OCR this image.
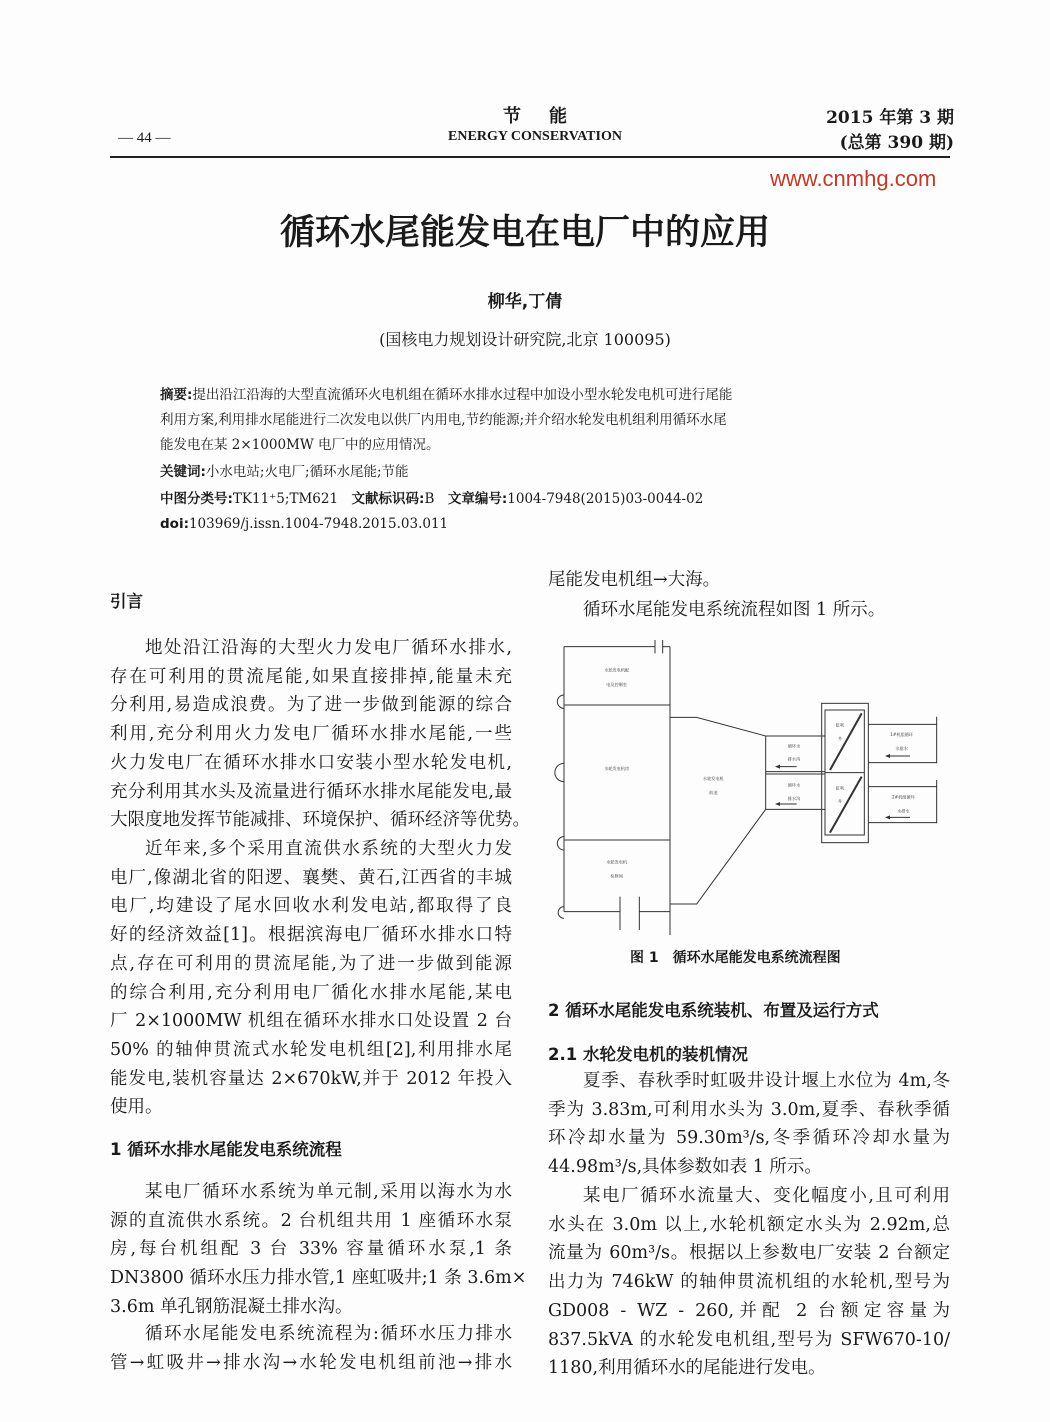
节能
ENERGY CONSERVATION
— 44 —
2015 年第 3 期
(总第 390 期)
循环水尾能发电在电厂中的应用
柳华,丁倩
(国核电力规划设计研究院,北京 100095)
摘要:提出沿江沿海的大型直流循环火电机组在循环水排水过程中加设小型水轮发电机可进行尾能
利用方案,利用排水尾能进行二次发电以供厂内用电,节约能源;并介绍水轮发电机组利用循环水尾
能发电在某 2×1000MW 电厂中的应用情况。
关键词:小水电站;火电厂;循环水尾能;节能
中图分类号:TK11⁺5;TM621  文献标识码:B  文章编号:1004-7948(2015)03-0044-02
doi:103969/j.issn.1004-7948.2015.03.011
引言
地处沿江沿海的大型火力发电厂循环水排水,
存在可利用的贯流尾能,如果直接排掉,能量未充
分利用,易造成浪费。为了进一步做到能源的综合
利用,充分利用火力发电厂循环水排水尾能,一些
火力发电厂在循环水排水口安装小型水轮发电机,
充分利用其水头及流量进行循环水排水尾能发电,最
大限度地发挥节能减排、环境保护、循环经济等优势。
近年来,多个采用直流供水系统的大型火力发
电厂,像湖北省的阳逻、襄樊、黄石,江西省的丰城
电厂,均建设了尾水回收水利发电站,都取得了良
好的经济效益[1]。根据滨海电厂循环水排水口特
点,存在可利用的贯流尾能,为了进一步做到能源
的综合利用,充分利用电厂循化水排水尾能,某电
厂 2×1000MW 机组在循环水排水口处设置 2 台
50% 的轴伸贯流式水轮发电机组[2],利用排水尾
能发电,装机容量达 2×670kW,并于 2012 年投入
使用。
1 循环水排水尾能发电系统流程
某电厂循环水系统为单元制,采用以海水为水
源的直流供水系统。2 台机组共用 1 座循环水泵
房,每台机组配 3 台 33% 容量循环水泵,1 条
DN3800 循环水压力排水管,1 座虹吸井;1 条 3.6m×
3.6m 单孔钢筋混凝土排水沟。
循环水尾能发电系统流程为:循环水压力排水
管→虹吸井→排水沟→水轮发电机组前池→排水
尾能发电机组→大海。
循环水尾能发电系统流程如图 1 所示。
水轮发电机配
电及控制室
水轮发电机房
水轮发电机
检修间
水轮发电机
前池
循环水
排水沟
循环水
排水沟
虹吸
井
虹吸
井
1#机组循环
水排水
2#机组循环
水排水
图 1　循环水尾能发电系统流程图
2 循环水尾能发电系统装机、布置及运行方式
2.1 水轮发电机的装机情况
夏季、春秋季时虹吸井设计堰上水位为 4m,冬
季为 3.83m,可利用水头为 3.0m,夏季、春秋季循
环冷却水量为 59.30m³/s,冬季循环冷却水量为
44.98m³/s,具体参数如表 1 所示。
某电厂循环水流量大、变化幅度小,且可利用
水头在 3.0m 以上,水轮机额定水头为 2.92m,总
流量为 60m³/s。根据以上参数电厂安装 2 台额定
出力为 746kW 的轴伸贯流机组的水轮机,型号为
GD008 - WZ - 260,并配 2 台额定容量为
837.5kVA 的水轮发电机组,型号为 SFW670-10/
1180,利用循环水的尾能进行发电。
www.cnmhg.com
